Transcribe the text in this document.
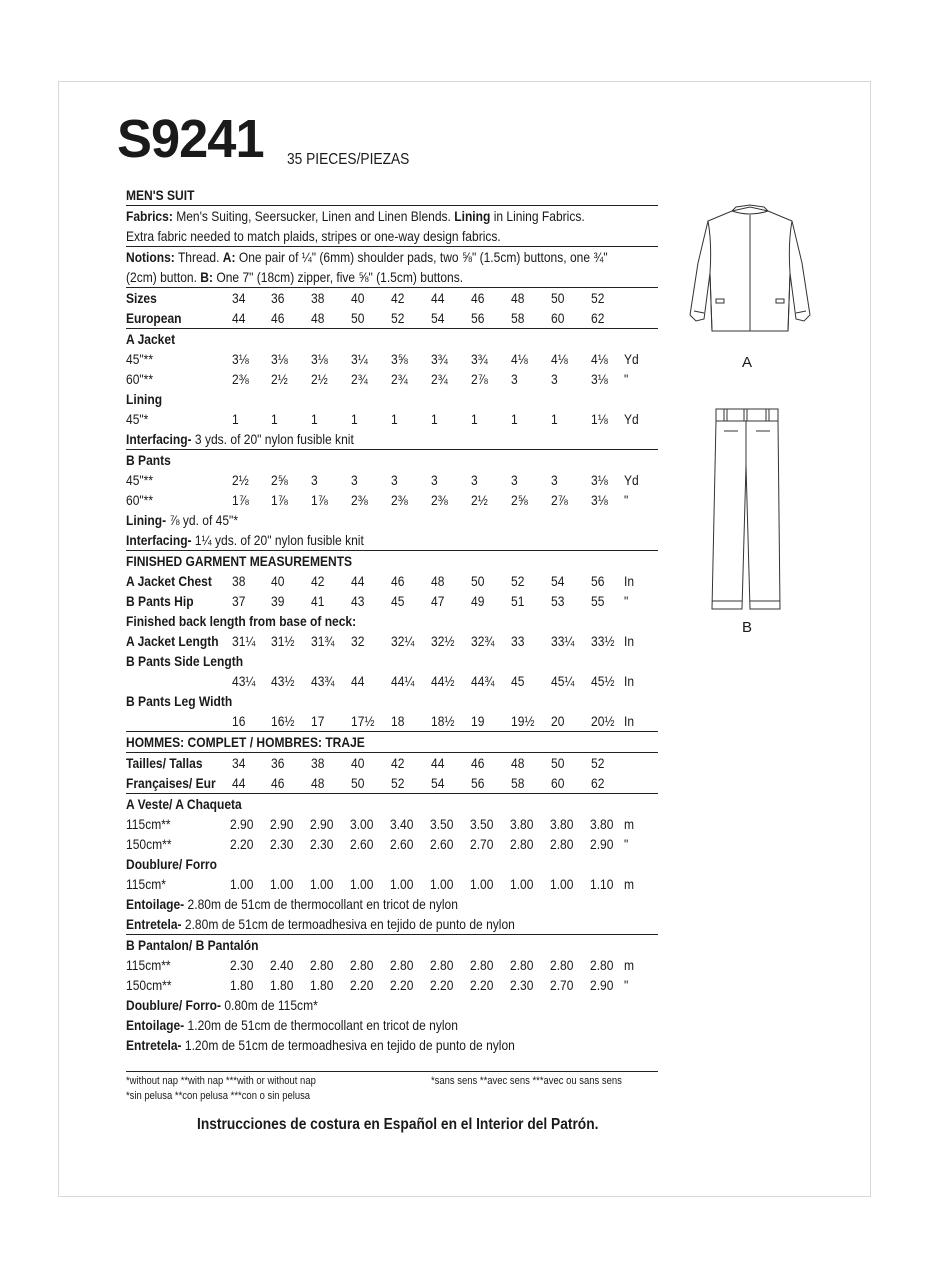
S9241 35 PIECES/PIEZAS
MEN'S SUIT
Fabrics: Men's Suiting, Seersucker, Linen and Linen Blends. Lining in Lining Fabrics.
Extra fabric needed to match plaids, stripes or one-way design fabrics.
Notions: Thread. A: One pair of ¼" (6mm) shoulder pads, two ⅝" (1.5cm) buttons, one ¾"
(2cm) button. B: One 7" (18cm) zipper, five ⅝" (1.5cm) buttons.
Sizes	34 36 38 40 42 44 46 48 50 52
European	44 46 48 50 52 54 56 58 60 62
A Jacket
45"**	3⅛ 3⅛ 3⅛ 3¼ 3⅝ 3¾ 3¾ 4⅛ 4⅛ 4⅛ Yd
60"**	2⅜ 2½ 2½ 2¾ 2¾ 2¾ 2⅞ 3 3 3⅛ "
Lining
45"*	1 1 1 1 1 1 1 1 1 1⅛ Yd
Interfacing- 3 yds. of 20" nylon fusible knit
B Pants
45"**	2½ 2⅝ 3 3 3 3 3 3 3 3⅛ Yd
60"**	1⅞ 1⅞ 1⅞ 2⅜ 2⅜ 2⅜ 2½ 2⅝ 2⅞ 3⅛ "
Lining- ⅞ yd. of 45"*
Interfacing- 1¼ yds. of 20" nylon fusible knit
FINISHED GARMENT MEASUREMENTS
A Jacket Chest 38 40 42 44 46 48 50 52 54 56 In
B Pants Hip	37 39 41 43 45 47 49 51 53 55 "
Finished back length from base of neck:
A Jacket Length 31¼ 31½ 31¾ 32 32¼ 32½ 32¾ 33 33¼ 33½ In
B Pants Side Length
43¼ 43½ 43¾ 44 44¼ 44½ 44¾ 45 45¼ 45½ In
B Pants Leg Width
16 16½ 17 17½ 18 18½ 19 19½ 20 20½ In
HOMMES: COMPLET / HOMBRES: TRAJE
Tailles/ Tallas 34 36 38 40 42 44 46 48 50 52
Françaises/ Eur 44 46 48 50 52 54 56 58 60 62
A Veste/ A Chaqueta
115cm**	2.90 2.90 2.90 3.00 3.40 3.50 3.50 3.80 3.80 3.80 m
150cm**	2.20 2.30 2.30 2.60 2.60 2.60 2.70 2.80 2.80 2.90 "
Doublure/ Forro
115cm*	1.00 1.00 1.00 1.00 1.00 1.00 1.00 1.00 1.00 1.10 m
Entoilage- 2.80m de 51cm de thermocollant en tricot de nylon
Entretela- 2.80m de 51cm de termoadhesiva en tejido de punto de nylon
B Pantalon/ B Pantalón
115cm**	2.30 2.40 2.80 2.80 2.80 2.80 2.80 2.80 2.80 2.80 m
150cm**	1.80 1.80 1.80 2.20 2.20 2.20 2.20 2.30 2.70 2.90 "
Doublure/ Forro- 0.80m de 115cm*
Entoilage- 1.20m de 51cm de thermocollant en tricot de nylon
Entretela- 1.20m de 51cm de termoadhesiva en tejido de punto de nylon
*without nap **with nap ***with or without nap	*sans sens **avec sens ***avec ou sans sens
*sin pelusa **con pelusa ***con o sin pelusa
Instrucciones de costura en Español en el Interior del Patrón.
A
B
